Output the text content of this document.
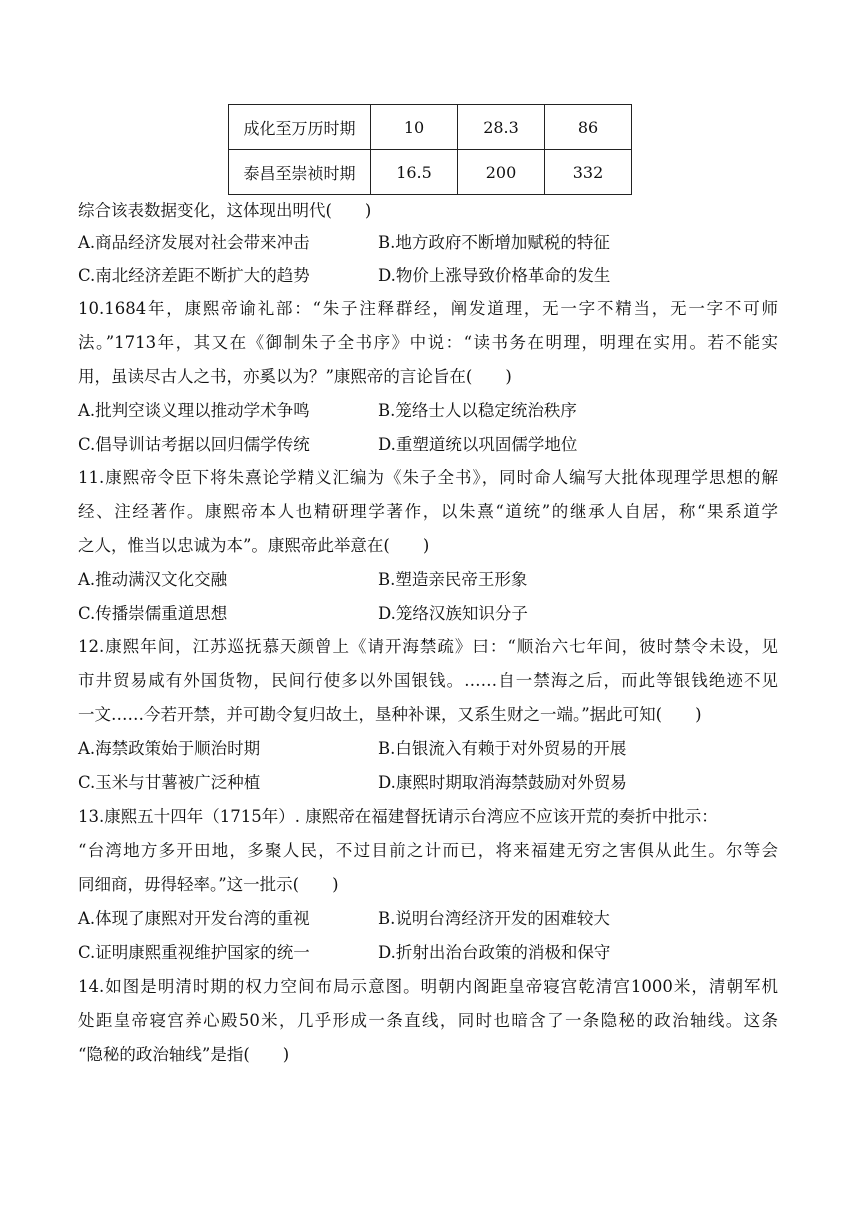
成化至万历时期	10	28.3	86
泰昌至崇祯时期	16.5	200	332
综合该表数据变化，这体现出明代(　　)
A.商品经济发展对社会带来冲击	B.地方政府不断增加赋税的特征
C.南北经济差距不断扩大的趋势	D.物价上涨导致价格革命的发生
10.1684年，康熙帝谕礼部：“朱子注释群经，阐发道理，无一字不精当，无一字不可师
法。”1713年，其又在《御制朱子全书序》中说：“读书务在明理，明理在实用。若不能实
用，虽读尽古人之书，亦奚以为？”康熙帝的言论旨在(　　)
A.批判空谈义理以推动学术争鸣	B.笼络士人以稳定统治秩序
C.倡导训诂考据以回归儒学传统	D.重塑道统以巩固儒学地位
11.康熙帝令臣下将朱熹论学精义汇编为《朱子全书》，同时命人编写大批体现理学思想的解
经、注经著作。康熙帝本人也精研理学著作，以朱熹“道统”的继承人自居，称“果系道学
之人，惟当以忠诚为本”。康熙帝此举意在(　　)
A.推动满汉文化交融	B.塑造亲民帝王形象
C.传播崇儒重道思想	D.笼络汉族知识分子
12.康熙年间，江苏巡抚慕天颜曾上《请开海禁疏》曰：“顺治六七年间，彼时禁令未设，见
市井贸易咸有外国货物，民间行使多以外国银钱。……自一禁海之后，而此等银钱绝迹不见
一文……今若开禁，并可勘令复归故土，垦种补课，又系生财之一端。”据此可知(　　)
A.海禁政策始于顺治时期	B.白银流入有赖于对外贸易的开展
C.玉米与甘薯被广泛种植	D.康熙时期取消海禁鼓励对外贸易
13.康熙五十四年（1715年）. 康熙帝在福建督抚请示台湾应不应该开荒的奏折中批示：
“台湾地方多开田地，多聚人民，不过目前之计而已，将来福建无穷之害俱从此生。尔等会
同细商，毋得轻率。”这一批示(　　)
A.体现了康熙对开发台湾的重视	B.说明台湾经济开发的困难较大
C.证明康熙重视维护国家的统一	D.折射出治台政策的消极和保守
14.如图是明清时期的权力空间布局示意图。明朝内阁距皇帝寝宫乾清宫1000米，清朝军机
处距皇帝寝宫养心殿50米，几乎形成一条直线，同时也暗含了一条隐秘的政治轴线。这条
“隐秘的政治轴线”是指(　　)
